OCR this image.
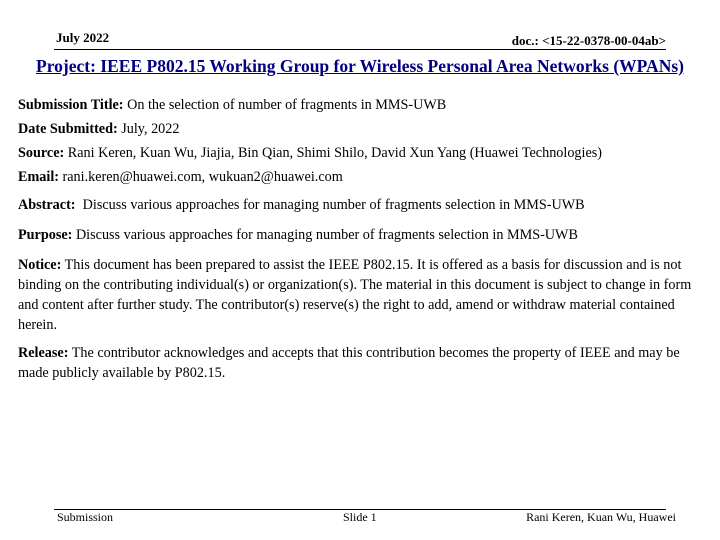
July 2022	doc.: <15-22-0378-00-04ab>
Project: IEEE P802.15 Working Group for Wireless Personal Area Networks (WPANs)

Submission Title: On the selection of number of fragments in MMS-UWB

Date Submitted: July, 2022

Source: Rani Keren, Kuan Wu, Jiajia, Bin Qian, Shimi Shilo, David Xun Yang (Huawei Technologies)

Email: rani.keren@huawei.com, wukuan2@huawei.com

Abstract: Discuss various approaches for managing number of fragments selection in MMS-UWB

Purpose: Discuss various approaches for managing number of fragments selection in MMS-UWB

Notice: This document has been prepared to assist the IEEE P802.15. It is offered as a basis for discussion and is not binding on the contributing individual(s) or organization(s). The material in this document is subject to change in form and content after further study. The contributor(s) reserve(s) the right to add, amend or withdraw material contained herein.

Release: The contributor acknowledges and accepts that this contribution becomes the property of IEEE and may be made publicly available by P802.15.

Submission	Slide 1	Rani Keren, Kuan Wu, Huawei
